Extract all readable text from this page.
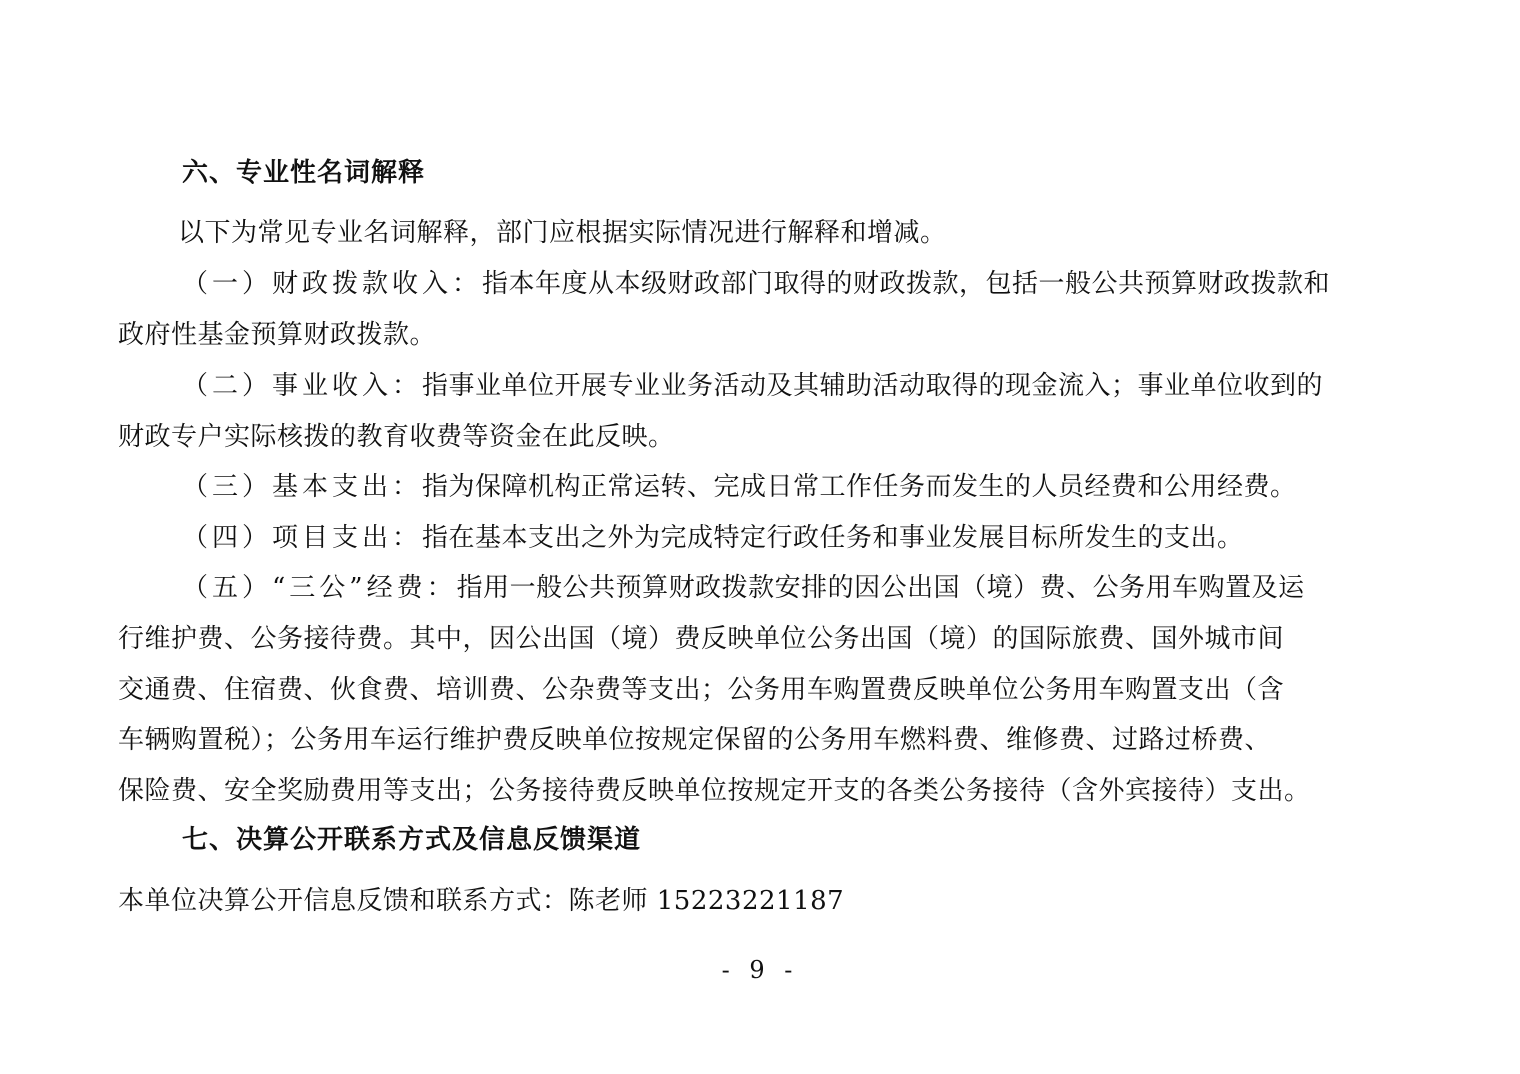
六、专业性名词解释
以下为常见专业名词解释，部门应根据实际情况进行解释和增减。
（一）财政拨款收入：指本年度从本级财政部门取得的财政拨款，包括一般公共预算财政拨款和
政府性基金预算财政拨款。
（二）事业收入：指事业单位开展专业业务活动及其辅助活动取得的现金流入；事业单位收到的
财政专户实际核拨的教育收费等资金在此反映。
（三）基本支出：指为保障机构正常运转、完成日常工作任务而发生的人员经费和公用经费。
（四）项目支出：指在基本支出之外为完成特定行政任务和事业发展目标所发生的支出。
（五）“三公”经费：指用一般公共预算财政拨款安排的因公出国（境）费、公务用车购置及运
行维护费、公务接待费。其中，因公出国（境）费反映单位公务出国（境）的国际旅费、国外城市间
交通费、住宿费、伙食费、培训费、公杂费等支出；公务用车购置费反映单位公务用车购置支出（含
车辆购置税）；公务用车运行维护费反映单位按规定保留的公务用车燃料费、维修费、过路过桥费、
保险费、安全奖励费用等支出；公务接待费反映单位按规定开支的各类公务接待（含外宾接待）支出。
七、决算公开联系方式及信息反馈渠道
本单位决算公开信息反馈和联系方式：陈老师 15223221187
- 9 -
